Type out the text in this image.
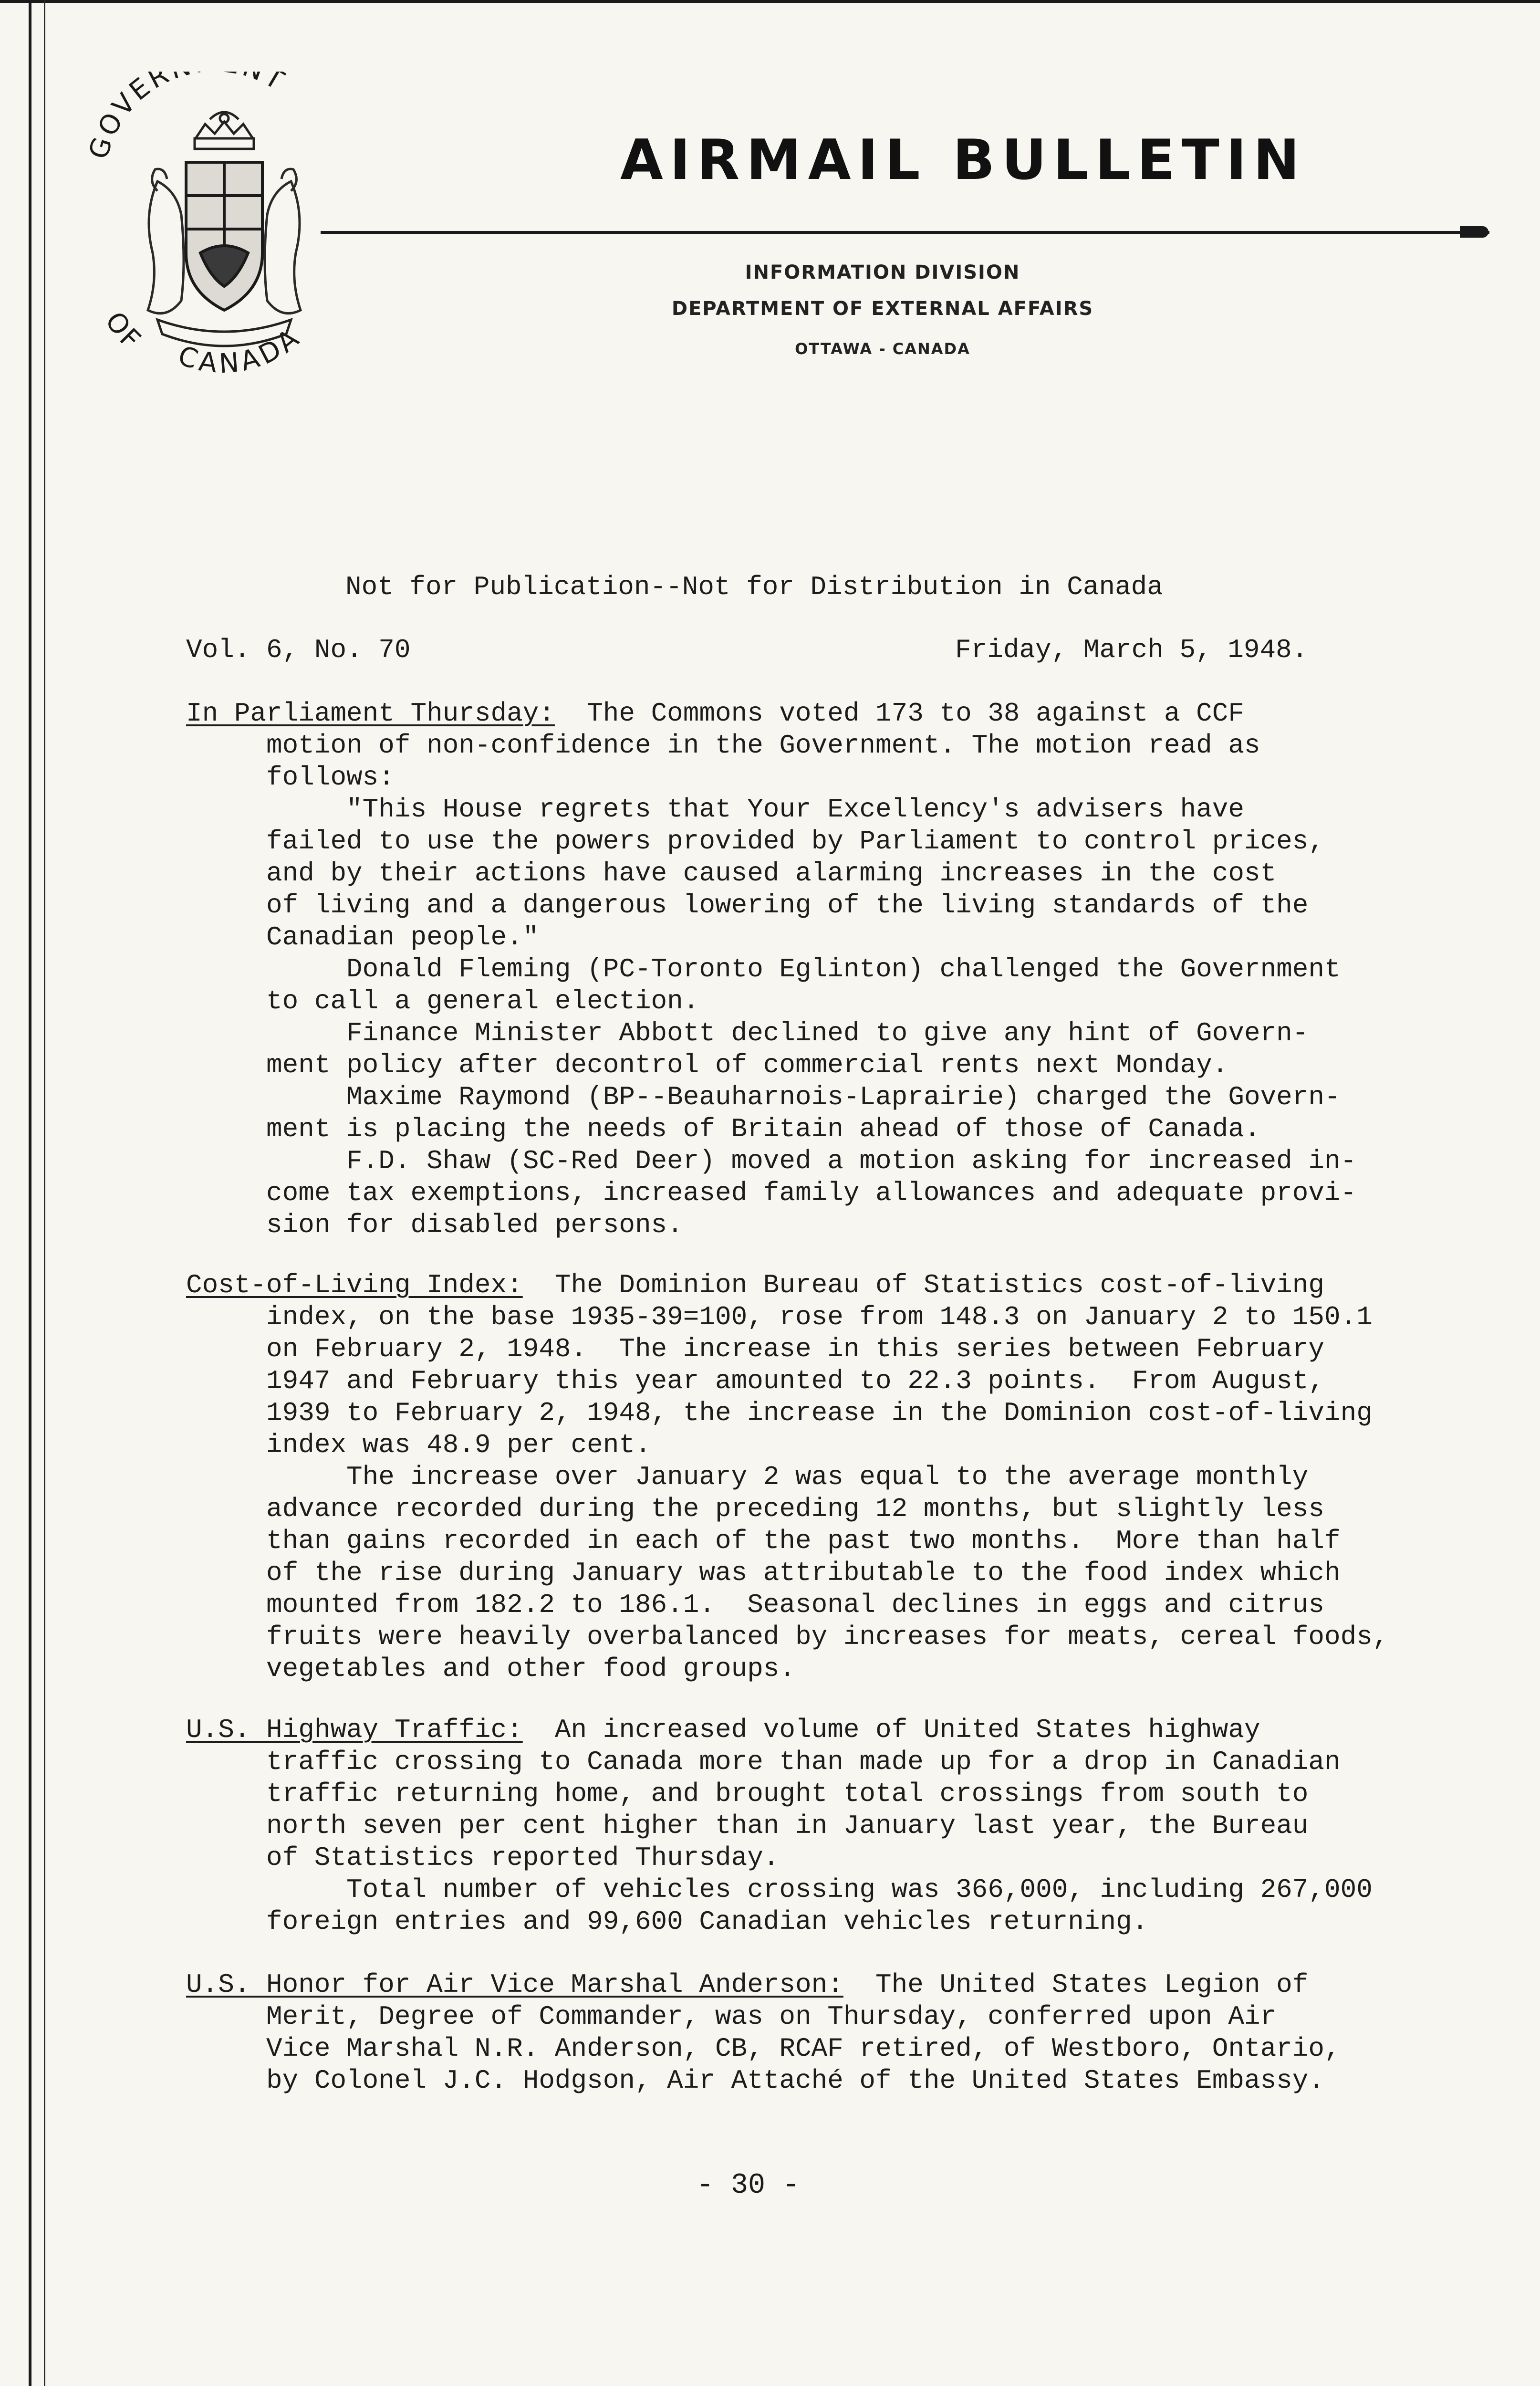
GOVER T
OF
CANADA
AIRMAIL BULLETIN
INFORMATION DIVISION
DEPARTMENT OF EXTERNAL AFFAIRS
OTTAWA - CANADA
Not for Publication--Not for Distribution in Canada
Vol. 6, No. 70	Friday, March 5, 1948.
In Parliament Thursday:  The Commons voted 173 to 38 against a CCF
motion of non-confidence in the Government. The motion read as
follows:
"This House regrets that Your Excellency's advisers have
failed to use the powers provided by Parliament to control prices,
and by their actions have caused alarming increases in the cost
of living and a dangerous lowering of the living standards of the
Canadian people."
Donald Fleming (PC-Toronto Eglinton) challenged the Government
to call a general election.
Finance Minister Abbott declined to give any hint of Govern-
ment policy after decontrol of commercial rents next Monday.
Maxime Raymond (BP--Beauharnois-Laprairie) charged the Govern-
ment is placing the needs of Britain ahead of those of Canada.
F.D. Shaw (SC-Red Deer) moved a motion asking for increased in-
come tax exemptions, increased family allowances and adequate provi-
sion for disabled persons.
Cost-of-Living Index:  The Dominion Bureau of Statistics cost-of-living
index, on the base 1935-39=100, rose from 148.3 on January 2 to 150.1
on February 2, 1948.  The increase in this series between February
1947 and February this year amounted to 22.3 points.  From August,
1939 to February 2, 1948, the increase in the Dominion cost-of-living
index was 48.9 per cent.
The increase over January 2 was equal to the average monthly
advance recorded during the preceding 12 months, but slightly less
than gains recorded in each of the past two months.  More than half
of the rise during January was attributable to the food index which
mounted from 182.2 to 186.1.  Seasonal declines in eggs and citrus
fruits were heavily overbalanced by increases for meats, cereal foods,
vegetables and other food groups.
U.S. Highway Traffic:  An increased volume of United States highway
traffic crossing to Canada more than made up for a drop in Canadian
traffic returning home, and brought total crossings from south to
north seven per cent higher than in January last year, the Bureau
of Statistics reported Thursday.
Total number of vehicles crossing was 366,000, including 267,000
foreign entries and 99,600 Canadian vehicles returning.
U.S. Honor for Air Vice Marshal Anderson:  The United States Legion of
Merit, Degree of Commander, was on Thursday, conferred upon Air
Vice Marshal N.R. Anderson, CB, RCAF retired, of Westboro, Ontario,
by Colonel J.C. Hodgson, Air Attaché of the United States Embassy.
- 30 -
